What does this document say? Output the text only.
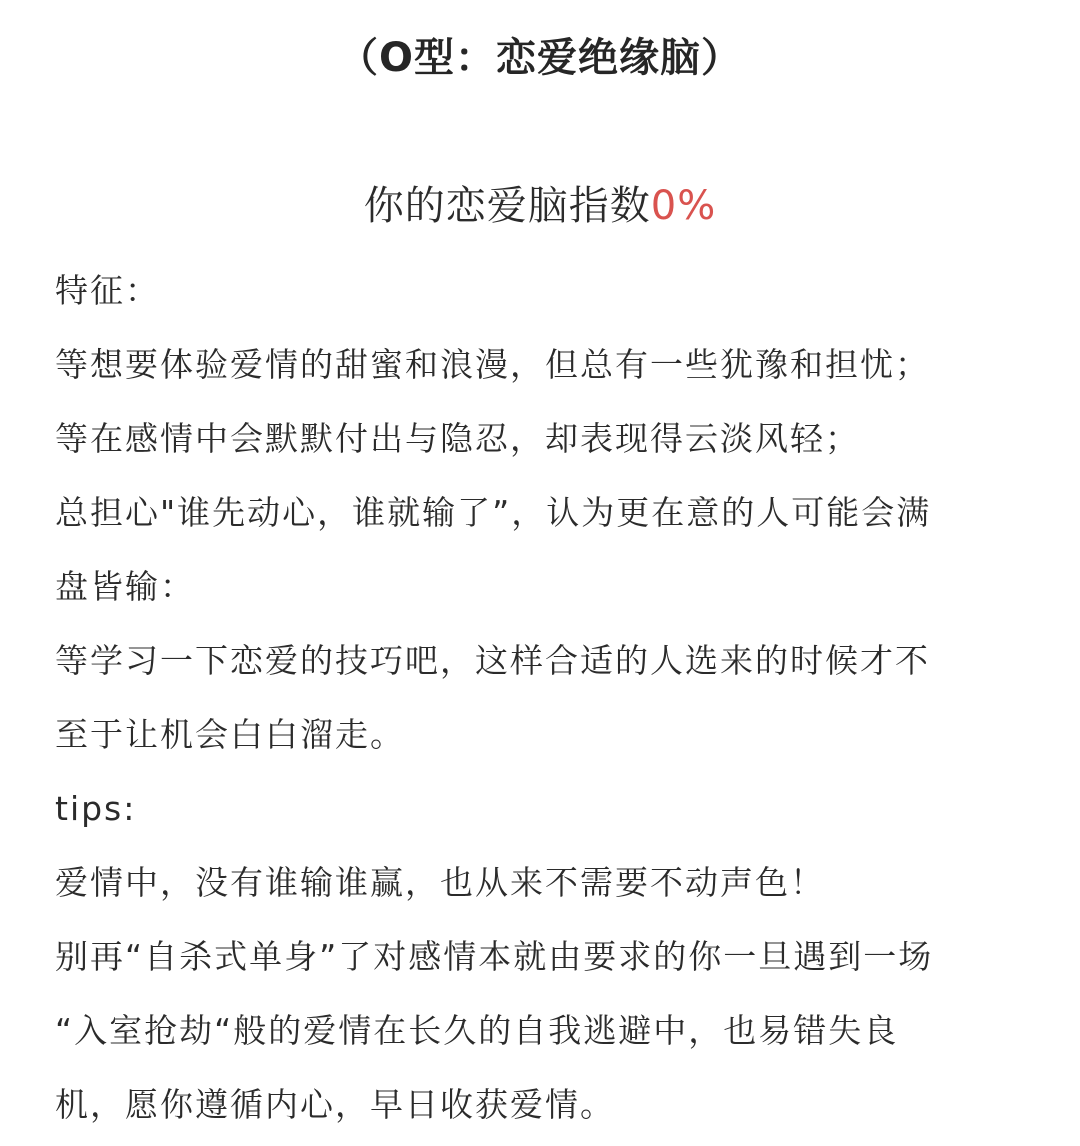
（O型：恋爱绝缘脑）
你的恋爱脑指数0%
特征：
等想要体验爱情的甜蜜和浪漫，但总有一些犹豫和担忧；
等在感情中会默默付出与隐忍，却表现得云淡风轻；
总担心"谁先动心，谁就输了”，认为更在意的人可能会满
盘皆输：
等学习一下恋爱的技巧吧，这样合适的人选来的时候才不
至于让机会白白溜走。
tips:
爱情中，没有谁输谁赢，也从来不需要不动声色！
别再“自杀式单身”了对感情本就由要求的你一旦遇到一场
“入室抢劫“般的爱情在长久的自我逃避中，也易错失良
机，愿你遵循内心，早日收获爱情。
